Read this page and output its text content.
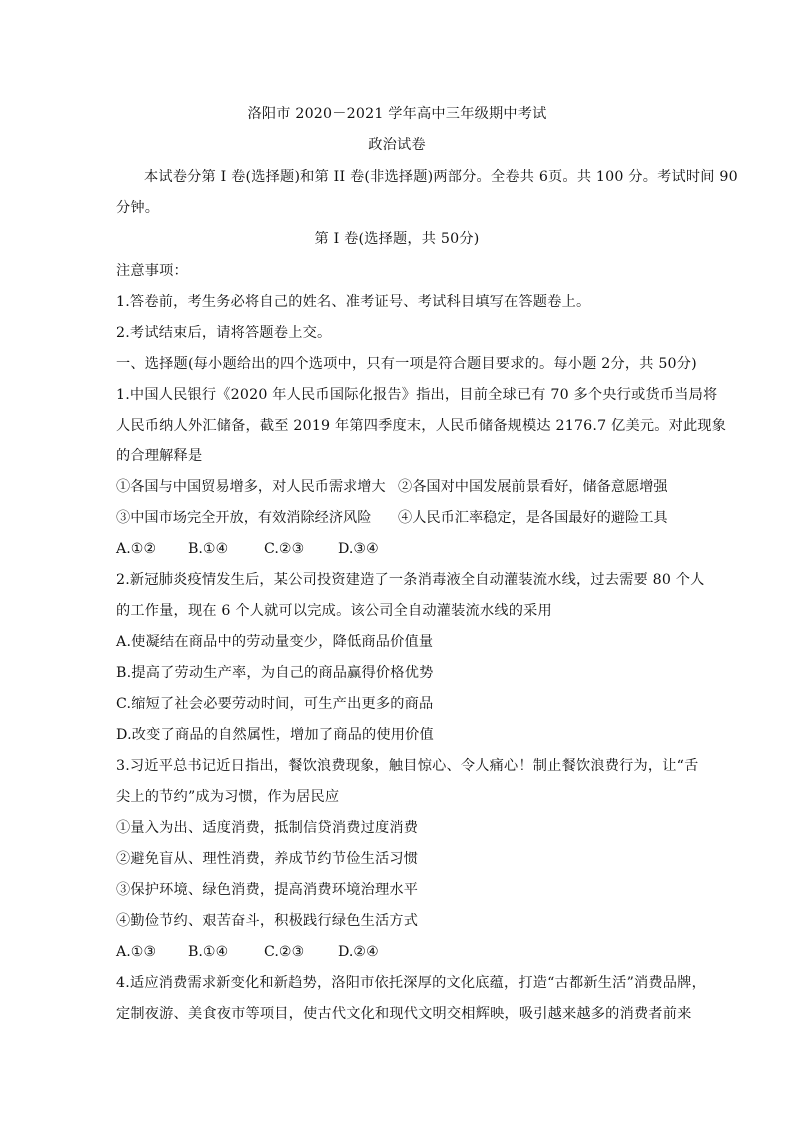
洛阳市 2020－2021 学年高中三年级期中考试
政治试卷
本试卷分第 I 卷(选择题)和第 II 卷(非选择题)两部分。全卷共 6页。共 100 分。考试时间 90
分钟。
第 I 卷(选择题，共 50分)
注意事项：
1.答卷前，考生务必将自己的姓名、准考证号、考试科目填写在答题卷上。
2.考试结束后，请将答题卷上交。
一、选择题(每小题给出的四个选项中，只有一项是符合题目要求的。每小题 2分，共 50分)
1.中国人民银行《2020 年人民币国际化报告》指出，目前全球已有 70 多个央行或货币当局将
人民币纳人外汇储备，截至 2019 年第四季度末，人民币储备规模达 2176.7 亿美元。对此现象
的合理解释是
①各国与中国贸易增多，对人民币需求增大 ②各国对中国发展前景看好，储备意愿增强
③中国市场完全开放，有效消除经济风险 ④人民币汇率稳定，是各国最好的避险工具
A.①② B.①④	C.②③ D.③④
2.新冠肺炎疫情发生后，某公司投资建造了一条消毒液全自动灌装流水线，过去需要 80 个人
的工作量，现在 6 个人就可以完成。该公司全自动灌装流水线的采用
A.使凝结在商品中的劳动量变少，降低商品价值量
B.提高了劳动生产率，为自己的商品赢得价格优势
C.缩短了社会必要劳动时间，可生产出更多的商品
D.改变了商品的自然属性，增加了商品的使用价值
3.习近平总书记近日指出，餐饮浪费现象，触目惊心、令人痛心！制止餐饮浪费行为，让“舌
尖上的节约”成为习惯，作为居民应
①量入为出、适度消费，抵制信贷消费过度消费
②避免盲从、理性消费，养成节约节俭生活习惯
③保护环境、绿色消费，提高消费环境治理水平
④勤俭节约、艰苦奋斗，积极践行绿色生活方式
A.①③ B.①④	C.②③ D.②④
4.适应消费需求新变化和新趋势，洛阳市依托深厚的文化底蕴，打造“古都新生活”消费品牌，
定制夜游、美食夜市等项目，使古代文化和现代文明交相辉映，吸引越来越多的消费者前来
